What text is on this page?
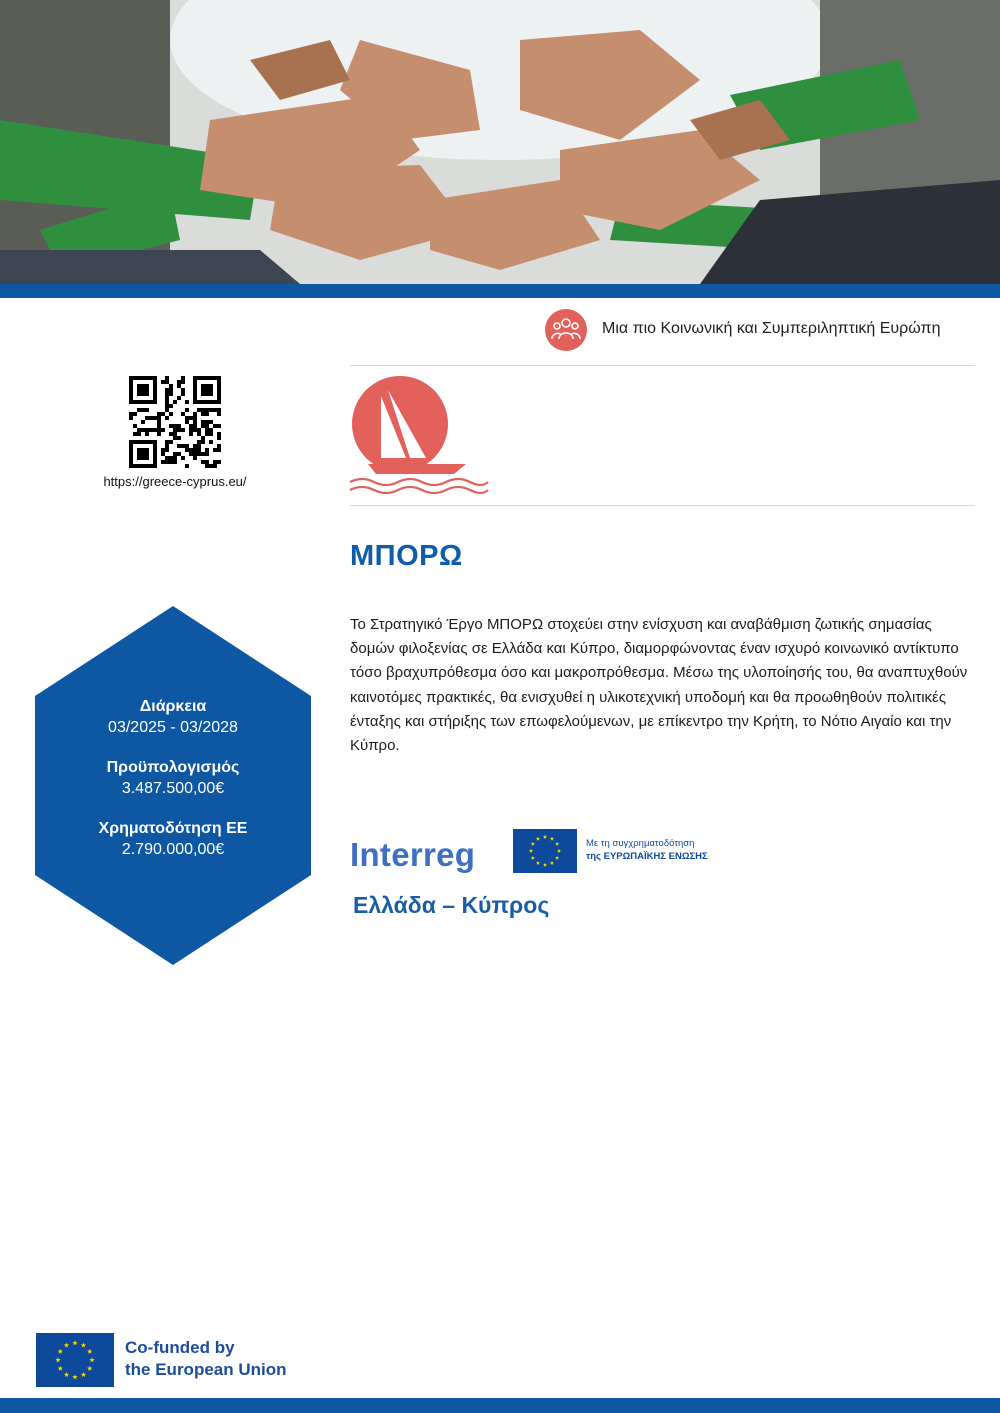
Μια πιο Κοινωνική και Συμπεριληπτική Ευρώπη
https://greece-cyprus.eu/
ΜΠΟΡΩ
Το Στρατηγικό Έργο ΜΠΟΡΩ στοχεύει στην ενίσχυση και αναβάθμιση ζωτικής σημασίας δομών φιλοξενίας σε Ελλάδα και Κύπρο, διαμορφώνοντας έναν ισχυρό κοινωνικό αντίκτυπο τόσο βραχυπρόθεσμα όσο και μακροπρόθεσμα. Μέσω της υλοποίησής του, θα αναπτυχθούν καινοτόμες πρακτικές, θα ενισχυθεί η υλικοτεχνική υποδομή και θα προωθηθούν πολιτικές ένταξης και στήριξης των επωφελούμενων, με επίκεντρο την Κρήτη, το Νότιο Αιγαίο και την Κύπρο.
Διάρκεια
03/2025 - 03/2028
Προϋπολογισμός
3.487.500,00€
Χρηματοδότηση ΕΕ
2.790.000,00€	Interreg	Με τη συγχρηματοδότηση
της ΕΥΡΩΠΑΪΚΗΣ ΕΝΩΣΗΣ
Ελλάδα – Κύπρος
Co-funded by
the European Union
